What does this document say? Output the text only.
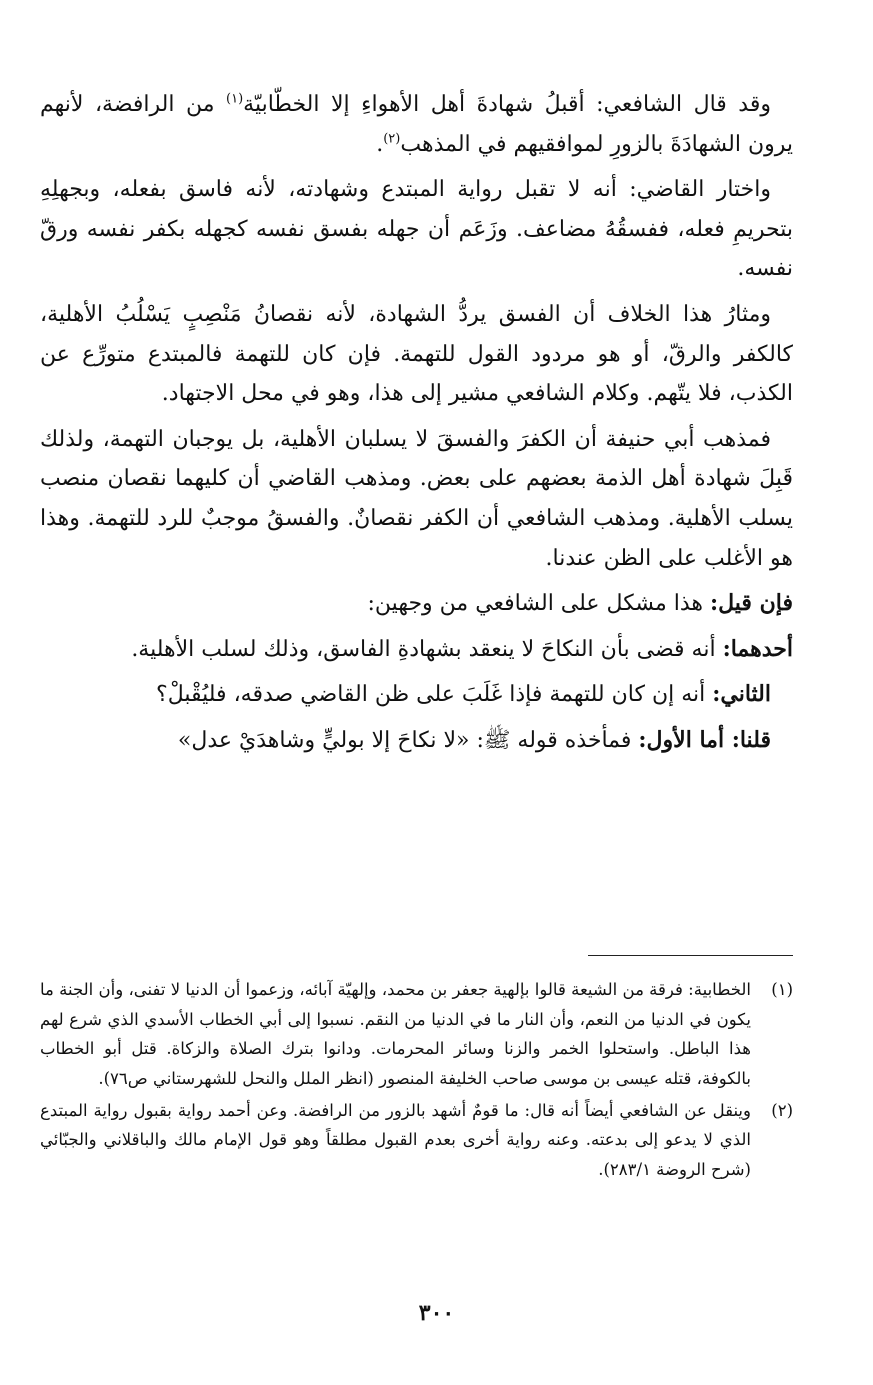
وقد قال الشافعي: أقبلُ شهادةَ أهل الأهواءِ إلا الخطّابيّة$^{(١)}$ من الرافضة، لأنهم يرون الشهادَةَ بالزورِ لموافقيهم في المذهب$^{(٢)}$.

واختار القاضي: أنه لا تقبل رواية المبتدع وشهادته، لأنه فاسق بفعله، وبجهلِهِ بتحريمِ فعله، ففسقُهُ مضاعف. وزَعَم أن جهله بفسق نفسه كجهله بكفر نفسه ورقّ نفسه.

ومثارُ هذا الخلاف أن الفسق يردُّ الشهادة، لأنه نقصانُ مَنْصِبٍ يَسْلُبُ الأهلية، كالكفر والرقّ، أو هو مردود القول للتهمة. فإن كان للتهمة فالمبتدع متورِّع عن الكذب، فلا يتّهم. وكلام الشافعي مشير إلى هذا، وهو في محل الاجتهاد.

فمذهب أبي حنيفة أن الكفرَ والفسقَ لا يسلبان الأهلية، بل يوجبان التهمة، ولذلك قَبِلَ شهادة أهل الذمة بعضهم على بعض. ومذهب القاضي أن كليهما نقصان منصب يسلب الأهلية. ومذهب الشافعي أن الكفر نقصانٌ. والفسقُ موجبٌ للرد للتهمة. وهذا هو الأغلب على الظن عندنا.

فإن قيل: هذا مشكل على الشافعي من وجهين:

أحدهما: أنه قضى بأن النكاحَ لا ينعقد بشهادةِ الفاسق، وذلك لسلب الأهلية.

الثاني: أنه إن كان للتهمة فإذا غَلَبَ على ظن القاضي صدقه، فليُقْبلْ؟

قلنا: أما الأول: فمأخذه قوله ﷺ: «لا نكاحَ إلا بوليٍّ وشاهدَيْ عدل»

(١)
الخطابية: فرقة من الشيعة قالوا بإلهية جعفر بن محمد، وإلهيّة آبائه، وزعموا أن الدنيا لا تفنى، وأن الجنة ما يكون في الدنيا من النعم، وأن النار ما في الدنيا من النقم. نسبوا إلى أبي الخطاب الأسدي الذي شرع لهم هذا الباطل. واستحلوا الخمر والزنا وسائر المحرمات. ودانوا بترك الصلاة والزكاة. قتل أبو الخطاب بالكوفة، قتله عيسى بن موسى صاحب الخليفة المنصور (انظر الملل والنحل للشهرستاني ص٧٦).
(٢)
وينقل عن الشافعي أيضاً أنه قال: ما قومٌ أشهد بالزور من الرافضة. وعن أحمد رواية بقبول رواية المبتدع الذي لا يدعو إلى بدعته. وعنه رواية أخرى بعدم القبول مطلقاً وهو قول الإمام مالك والباقلاني والجبّائي (شرح الروضة ٢٨٣/١).
٣٠٠
